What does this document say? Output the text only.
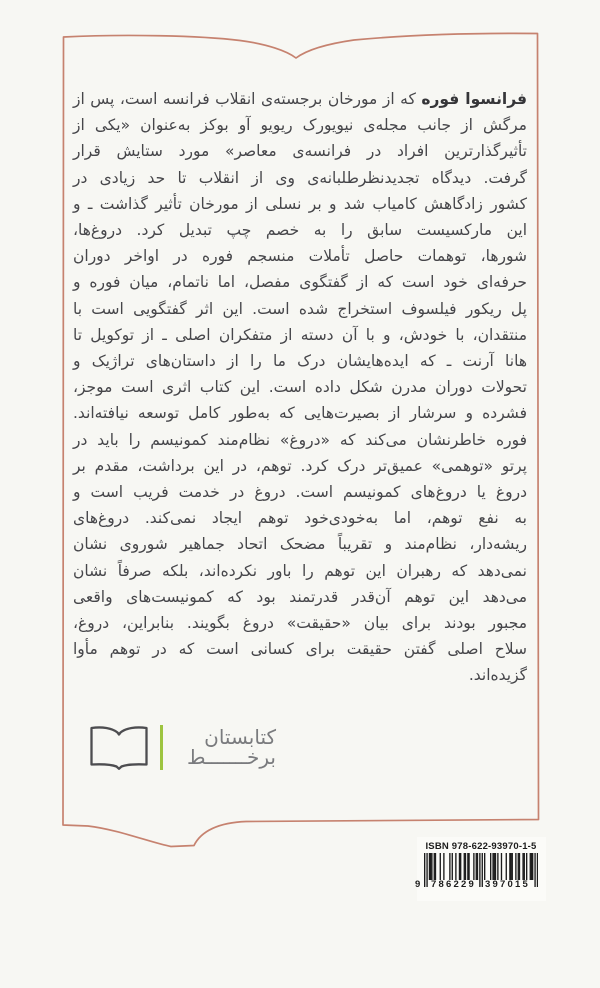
فرانسوا فوره که از مورخان برجسته‌ی انقلاب فرانسه است، پس از
مرگش از جانب مجله‌ی نیویورک ریویو آو بوکز به‌عنوان «یکی از
تأثیرگذارترین افراد در فرانسه‌ی معاصر» مورد ستایش قرار
گرفت. دیدگاه تجدیدنظرطلبانه‌ی وی از انقلاب تا حد زیادی در
کشور زادگاهش کامیاب شد و بر نسلی از مورخان تأثیر گذاشت ـ و
این مارکسیست سابق را به خصم چپ تبدیل کرد. دروغ‌ها،
شورها، توهمات حاصل تأملات منسجم فوره در اواخر دوران
حرفه‌ای خود است که از گفتگوی مفصل، اما ناتمام، میان فوره و
پل ریکور فیلسوف استخراج شده است. این اثر گفتگویی است با
منتقدان، با خودش، و با آن دسته از متفکران اصلی ـ از توکویل تا
هانا آرنت ـ که ایده‌هایشان درک ما را از داستان‌های تراژیک و
تحولات دوران مدرن شکل داده است. این کتاب اثری است موجز،
فشرده و سرشار از بصیرت‌هایی که به‌طور کامل توسعه نیافته‌اند.
فوره خاطرنشان می‌کند که «دروغ» نظام‌مند کمونیسم را باید در
پرتو «توهمی» عمیق‌تر درک کرد. توهم، در این برداشت، مقدم بر
دروغ یا دروغ‌های کمونیسم است. دروغ در خدمت فریب است و
به نفع توهم، اما به‌خودی‌خود توهم ایجاد نمی‌کند. دروغ‌های
ریشه‌دار، نظام‌مند و تقریباً مضحک اتحاد جماهیر شوروی نشان
نمی‌دهد که رهبران این توهم را باور نکرده‌اند، بلکه صرفاً نشان
می‌دهد این توهم آن‌قدر قدرتمند بود که کمونیست‌های واقعی
مجبور بودند برای بیان «حقیقت» دروغ بگویند. بنابراین، دروغ،
سلاح اصلی گفتن حقیقت برای کسانی است که در توهم مأوا
گزیده‌اند.
کتابستان
برخـــــــط
ISBN 978-622-93970-1-5
9 786229 397015
